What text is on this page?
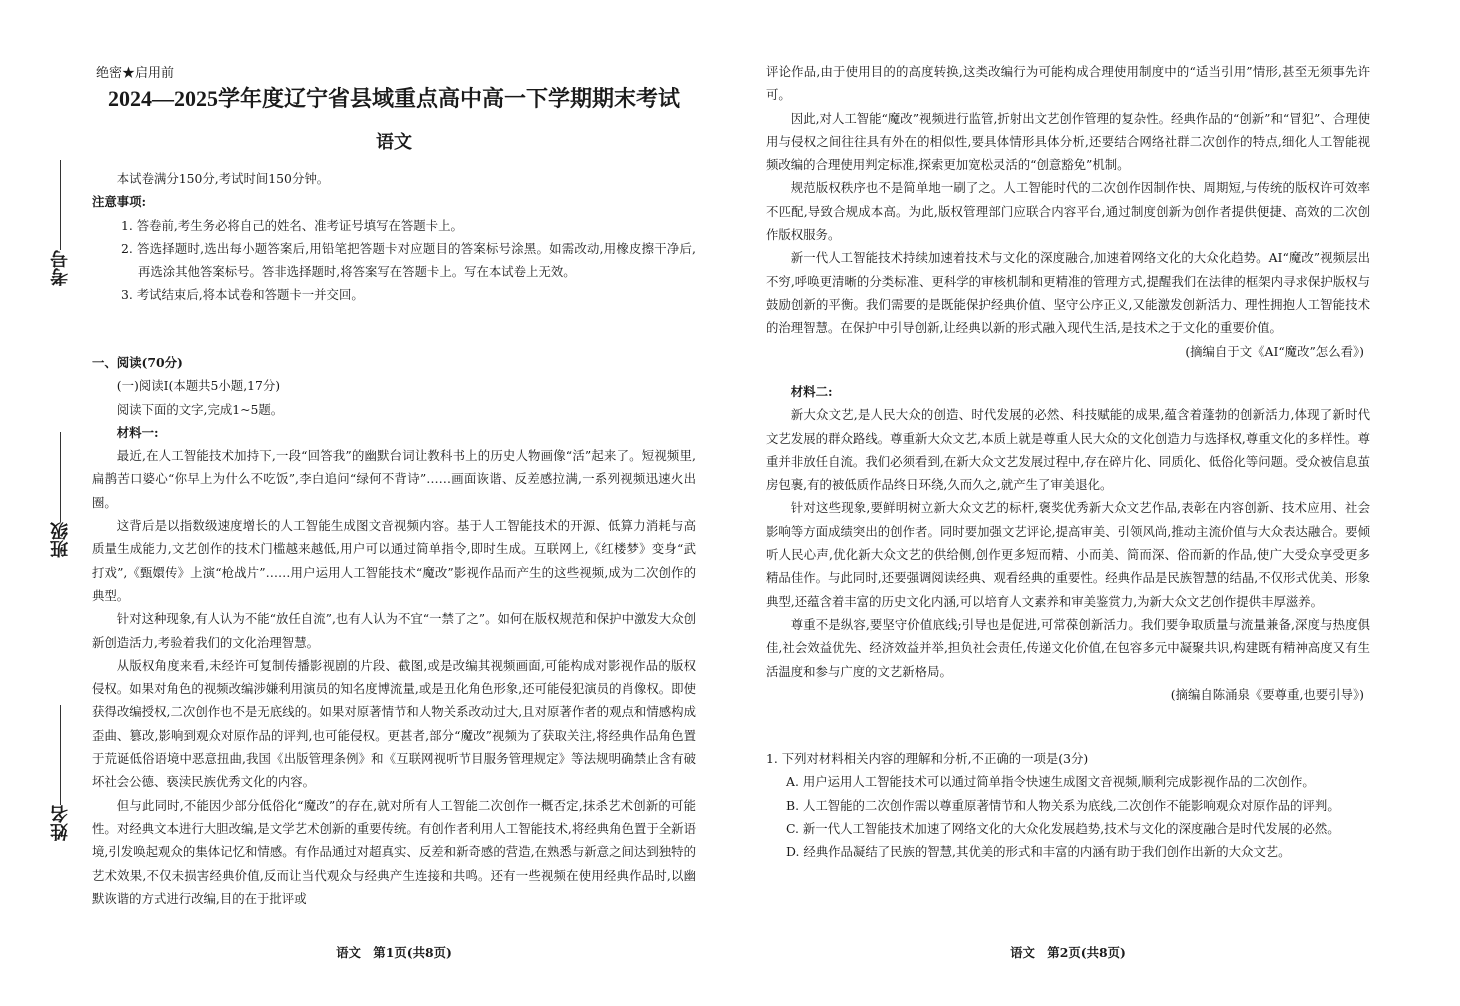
考号
班级
姓名
绝密★启用前
2024—2025学年度辽宁省县域重点高中高一下学期期末考试
语文

本试卷满分150分,考试时间150分钟。

注意事项:

1. 答卷前,考生务必将自己的姓名、准考证号填写在答题卡上。

2. 答选择题时,选出每小题答案后,用铅笔把答题卡对应题目的答案标号涂黑。如需改动,用橡皮擦干净后,再选涂其他答案标号。答非选择题时,将答案写在答题卡上。写在本试卷上无效。

3. 考试结束后,将本试卷和答题卡一并交回。

一、阅读(70分)

(一)阅读Ⅰ(本题共5小题,17分)

阅读下面的文字,完成1~5题。

材料一:

最近,在人工智能技术加持下,一段“回答我”的幽默台词让教科书上的历史人物画像“活”起来了。短视频里,扁鹊苦口婆心“你早上为什么不吃饭”,李白追问“绿何不背诗”……画面诙谐、反差感拉满,一系列视频迅速火出圈。

这背后是以指数级速度增长的人工智能生成图文音视频内容。基于人工智能技术的开源、低算力消耗与高质量生成能力,文艺创作的技术门槛越来越低,用户可以通过简单指令,即时生成。互联网上,《红楼梦》变身“武打戏”,《甄嬛传》上演“枪战片”……用户运用人工智能技术“魔改”影视作品而产生的这些视频,成为二次创作的典型。

针对这种现象,有人认为不能“放任自流”,也有人认为不宜“一禁了之”。如何在版权规范和保护中激发大众创新创造活力,考验着我们的文化治理智慧。

从版权角度来看,未经许可复制传播影视剧的片段、截图,或是改编其视频画面,可能构成对影视作品的版权侵权。如果对角色的视频改编涉嫌利用演员的知名度博流量,或是丑化角色形象,还可能侵犯演员的肖像权。即使获得改编授权,二次创作也不是无底线的。如果对原著情节和人物关系改动过大,且对原著作者的观点和情感构成歪曲、篡改,影响到观众对原作品的评判,也可能侵权。更甚者,部分“魔改”视频为了获取关注,将经典作品角色置于荒诞低俗语境中恶意扭曲,我国《出版管理条例》和《互联网视听节目服务管理规定》等法规明确禁止含有破坏社会公德、亵渎民族优秀文化的内容。

但与此同时,不能因少部分低俗化“魔改”的存在,就对所有人工智能二次创作一概否定,抹杀艺术创新的可能性。对经典文本进行大胆改编,是文学艺术创新的重要传统。有创作者利用人工智能技术,将经典角色置于全新语境,引发唤起观众的集体记忆和情感。有作品通过对超真实、反差和新奇感的营造,在熟悉与新意之间达到独特的艺术效果,不仅未损害经典价值,反而让当代观众与经典产生连接和共鸣。还有一些视频在使用经典作品时,以幽默诙谐的方式进行改编,目的在于批评或

语文　第1页(共8页)

评论作品,由于使用目的的高度转换,这类改编行为可能构成合理使用制度中的“适当引用”情形,甚至无须事先许可。

因此,对人工智能“魔改”视频进行监管,折射出文艺创作管理的复杂性。经典作品的“创新”和“冒犯”、合理使用与侵权之间往往具有外在的相似性,要具体情形具体分析,还要结合网络社群二次创作的特点,细化人工智能视频改编的合理使用判定标准,探索更加宽松灵活的“创意豁免”机制。

规范版权秩序也不是简单地一刷了之。人工智能时代的二次创作因制作快、周期短,与传统的版权许可效率不匹配,导致合规成本高。为此,版权管理部门应联合内容平台,通过制度创新为创作者提供便捷、高效的二次创作版权服务。

新一代人工智能技术持续加速着技术与文化的深度融合,加速着网络文化的大众化趋势。AI“魔改”视频层出不穷,呼唤更清晰的分类标准、更科学的审核机制和更精准的管理方式,提醒我们在法律的框架内寻求保护版权与鼓励创新的平衡。我们需要的是既能保护经典价值、坚守公序正义,又能激发创新活力、理性拥抱人工智能技术的治理智慧。在保护中引导创新,让经典以新的形式融入现代生活,是技术之于文化的重要价值。

(摘编自于文《AI“魔改”怎么看》)

材料二:

新大众文艺,是人民大众的创造、时代发展的必然、科技赋能的成果,蕴含着蓬勃的创新活力,体现了新时代文艺发展的群众路线。尊重新大众文艺,本质上就是尊重人民大众的文化创造力与选择权,尊重文化的多样性。尊重并非放任自流。我们必须看到,在新大众文艺发展过程中,存在碎片化、同质化、低俗化等问题。受众被信息茧房包裹,有的被低质作品终日环绕,久而久之,就产生了审美退化。

针对这些现象,要鲜明树立新大众文艺的标杆,褒奖优秀新大众文艺作品,表彰在内容创新、技术应用、社会影响等方面成绩突出的创作者。同时要加强文艺评论,提高审美、引领风尚,推动主流价值与大众表达融合。要倾听人民心声,优化新大众文艺的供给侧,创作更多短而精、小而美、简而深、俗而新的作品,使广大受众享受更多精品佳作。与此同时,还要强调阅读经典、观看经典的重要性。经典作品是民族智慧的结晶,不仅形式优美、形象典型,还蕴含着丰富的历史文化内涵,可以培育人文素养和审美鉴赏力,为新大众文艺创作提供丰厚滋养。

尊重不是纵容,要坚守价值底线;引导也是促进,可常葆创新活力。我们要争取质量与流量兼备,深度与热度俱佳,社会效益优先、经济效益并举,担负社会责任,传递文化价值,在包容多元中凝聚共识,构建既有精神高度又有生活温度和参与广度的文艺新格局。

(摘编自陈涌泉《要尊重,也要引导》)

1. 下列对材料相关内容的理解和分析,不正确的一项是(3分)

A. 用户运用人工智能技术可以通过简单指令快速生成图文音视频,顺利完成影视作品的二次创作。

B. 人工智能的二次创作需以尊重原著情节和人物关系为底线,二次创作不能影响观众对原作品的评判。

C. 新一代人工智能技术加速了网络文化的大众化发展趋势,技术与文化的深度融合是时代发展的必然。

D. 经典作品凝结了民族的智慧,其优美的形式和丰富的内涵有助于我们创作出新的大众文艺。

语文　第2页(共8页)
